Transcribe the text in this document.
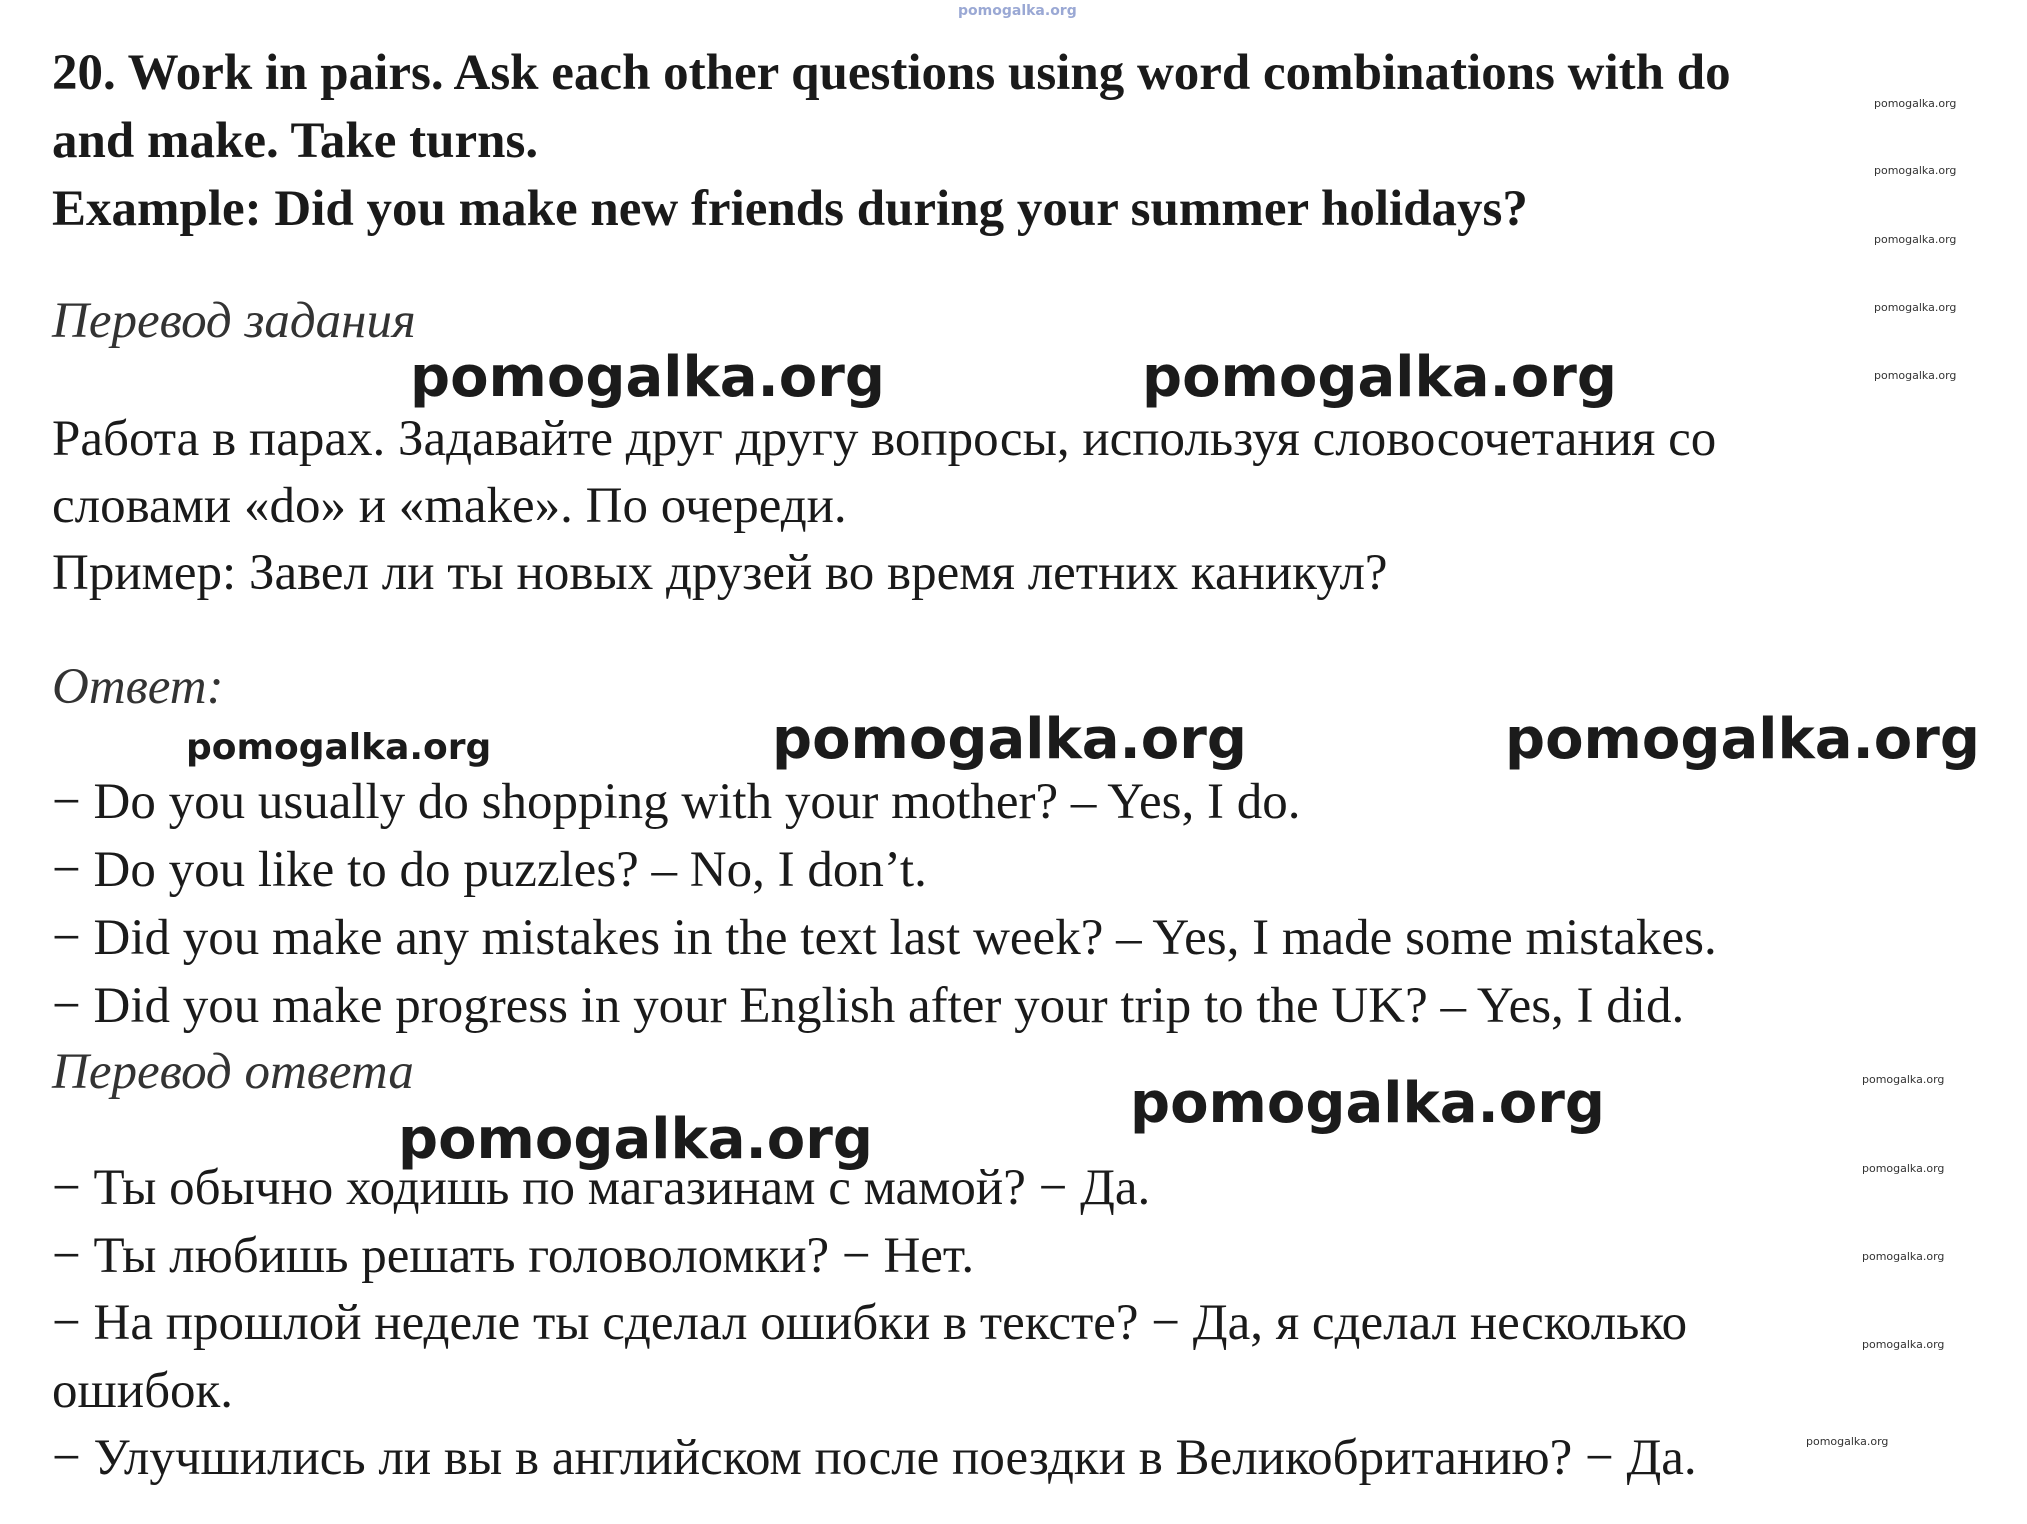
pomogalka.org
20. Work in pairs. Ask each other questions using word combinations with do
and make. Take turns.
Example: Did you make new friends during your summer holidays?
Перевод задания
Работа в парах. Задавайте друг другу вопросы, используя словосочетания со
словами «do» и «make». По очереди.
Пример: Завел ли ты новых друзей во время летних каникул?
Ответ:
− Do you usually do shopping with your mother? – Yes, I do.
− Do you like to do puzzles? – No, I don’t.
− Did you make any mistakes in the text last week? – Yes, I made some mistakes.
− Did you make progress in your English after your trip to the UK? – Yes, I did.
Перевод ответа
− Ты обычно ходишь по магазинам с мамой? − Да.
− Ты любишь решать головоломки? − Нет.
− На прошлой неделе ты сделал ошибки в тексте? − Да, я сделал несколько
ошибок.
− Улучшились ли вы в английском после поездки в Великобританию? − Да.
pomogalka.org	pomogalka.org
pomogalka.org	pomogalka.org	pomogalka.org
pomogalka.org
pomogalka.org
pomogalka.org
pomogalka.org
pomogalka.org
pomogalka.org
pomogalka.org
pomogalka.org
pomogalka.org
pomogalka.org
pomogalka.org
pomogalka.org
